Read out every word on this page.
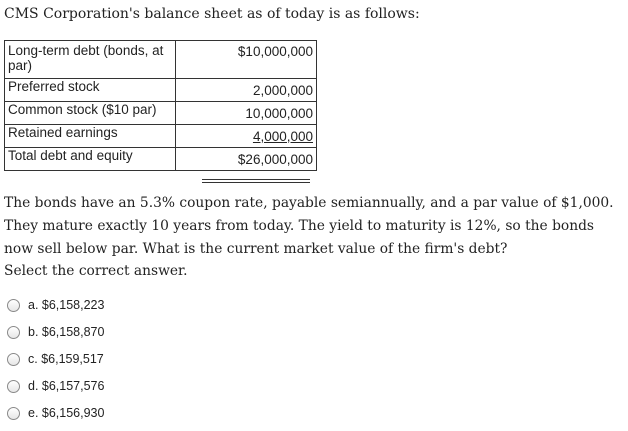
CMS Corporation's balance sheet as of today is as follows:
Long-term debt (bonds, at par)	$10,000,000
Preferred stock	2,000,000
Common stock ($10 par)	10,000,000
Retained earnings	4,000,000
Total debt and equity	$26,000,000
The bonds have an 5.3% coupon rate, payable semiannually, and a par value of $1,000. They mature exactly 10 years from today. The yield to maturity is 12%, so the bonds now sell below par. What is the current market value of the firm's debt?
Select the correct answer.
a. $6,158,223
b. $6,158,870
c. $6,159,517
d. $6,157,576
e. $6,156,930
